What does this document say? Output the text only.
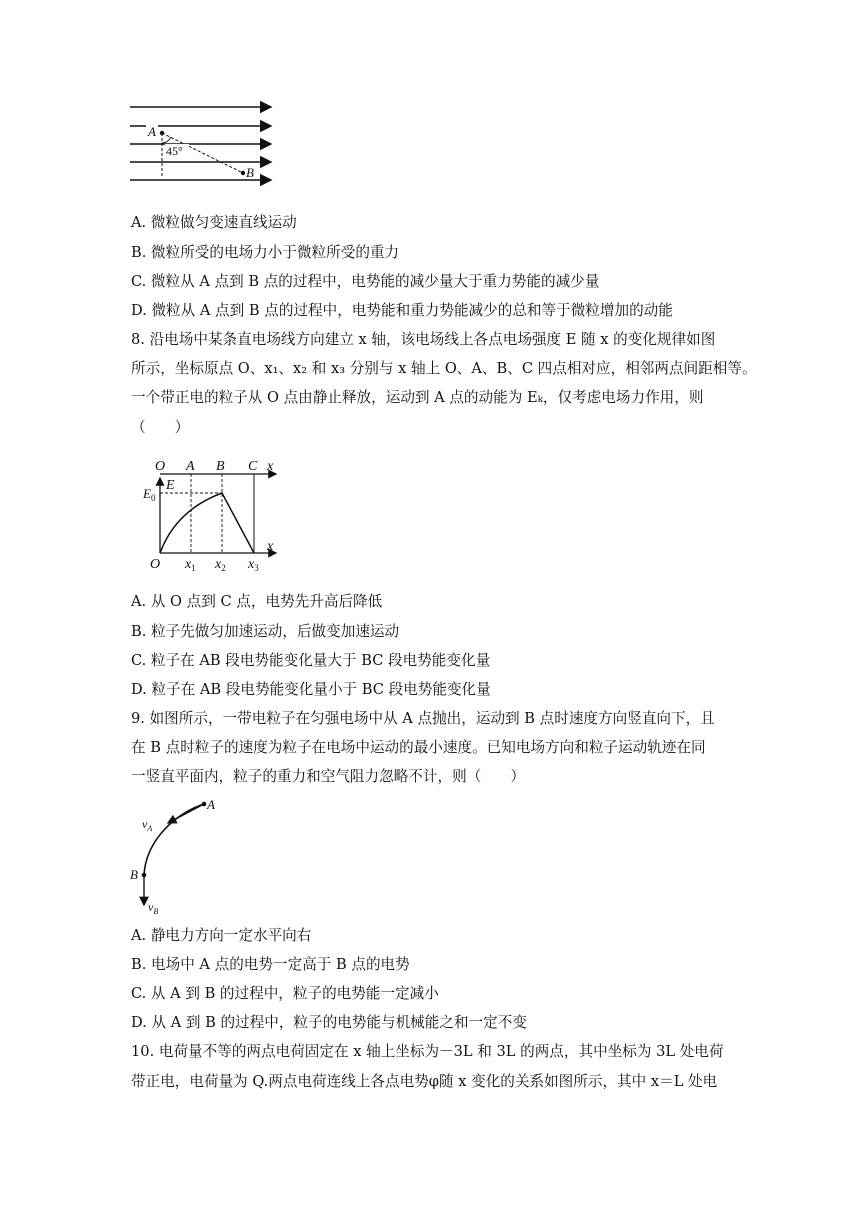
A
45°
B
A. 微粒做匀变速直线运动
B. 微粒所受的电场力小于微粒所受的重力
C. 微粒从 A 点到 B 点的过程中，电势能的减少量大于重力势能的减少量
D. 微粒从 A 点到 B 点的过程中，电势能和重力势能减少的总和等于微粒增加的动能
8. 沿电场中某条直电场线方向建立 x 轴，该电场线上各点电场强度 E 随 x 的变化规律如图
所示，坐标原点 O、x₁、x₂ 和 x₃ 分别与 x 轴上 O、A、B、C 四点相对应，相邻两点间距相等。
一个带正电的粒子从 O 点由静止释放，运动到 A 点的动能为 Eₖ，仅考虑电场力作用，则
（　　）
O A B C x
E
$E_0$
O $x_1$ $x_2$ $x_3$
x
A. 从 O 点到 C 点，电势先升高后降低
B. 粒子先做匀加速运动，后做变加速运动
C. 粒子在 AB 段电势能变化量大于 BC 段电势能变化量
D. 粒子在 AB 段电势能变化量小于 BC 段电势能变化量
9. 如图所示，一带电粒子在匀强电场中从 A 点抛出，运动到 B 点时速度方向竖直向下，且
在 B 点时粒子的速度为粒子在电场中运动的最小速度。已知电场方向和粒子运动轨迹在同
一竖直平面内，粒子的重力和空气阻力忽略不计，则（　　）
A
B
$v_A$
$v_B$
A. 静电力方向一定水平向右
B. 电场中 A 点的电势一定高于 B 点的电势
C. 从 A 到 B 的过程中，粒子的电势能一定减小
D. 从 A 到 B 的过程中，粒子的电势能与机械能之和一定不变
10. 电荷量不等的两点电荷固定在 x 轴上坐标为－3L 和 3L 的两点，其中坐标为 3L 处电荷
带正电，电荷量为 Q.两点电荷连线上各点电势φ随 x 变化的关系如图所示，其中 x＝L 处电
